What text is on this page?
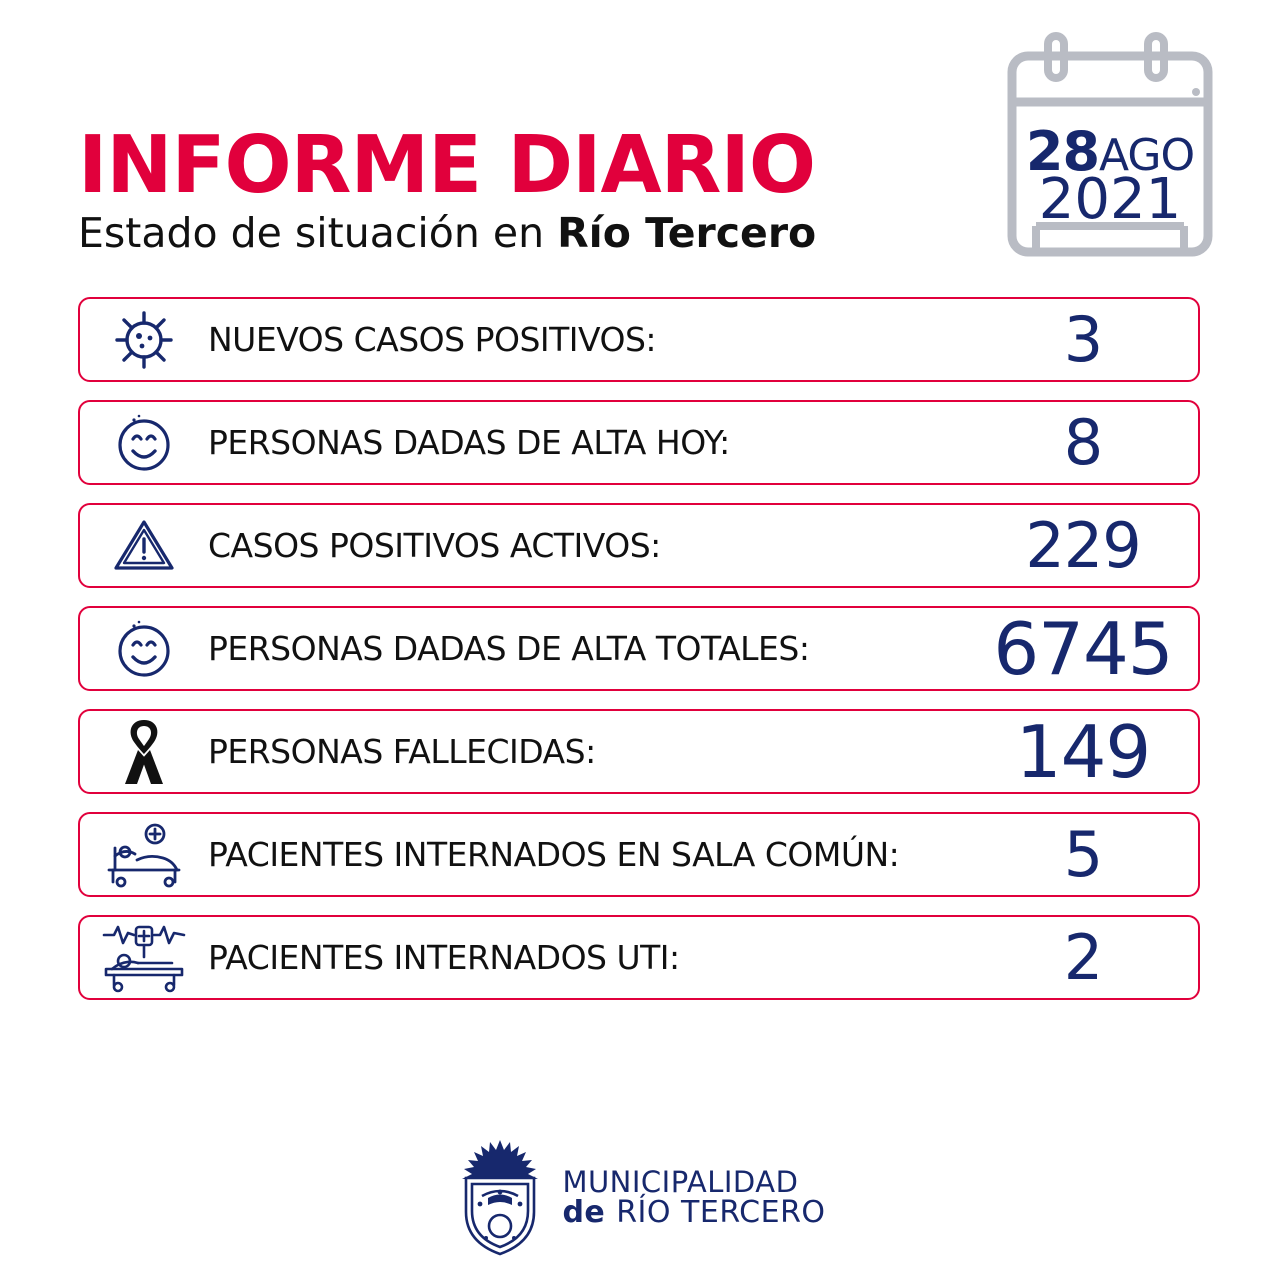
INFORME DIARIO
Estado de situación en Río Tercero
28AGO
2021
NUEVOS CASOS POSITIVOS:	3
PERSONAS DADAS DE ALTA HOY:	8
CASOS POSITIVOS ACTIVOS:	229
PERSONAS DADAS DE ALTA TOTALES:	6745
PERSONAS FALLECIDAS:	149
PACIENTES INTERNADOS EN SALA COMÚN:	5
PACIENTES INTERNADOS UTI:	2
MUNICIPALIDAD
de RÍO TERCERO
